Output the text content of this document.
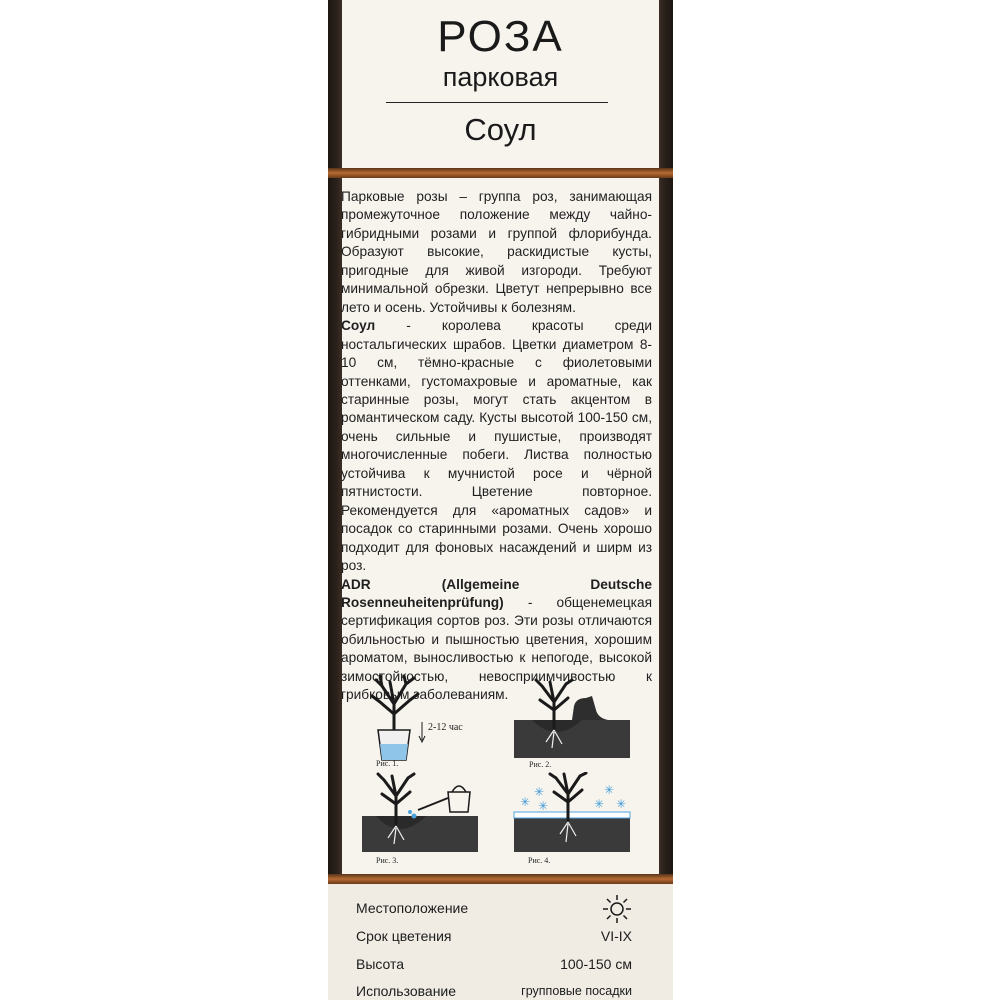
РОЗА
парковая
Соул

Парковые розы – группа роз, занимающая промежуточное положение между чайно-гибридными розами и группой флорибунда. Образуют высокие, раскидистые кусты, пригодные для живой изгороди. Требуют минимальной обрезки. Цветут непрерывно все лето и осень. Устойчивы к болезням.

Соул - королева красоты среди ностальгических шрабов. Цветки диаметром 8-10 см, тёмно-красные с фиолетовыми оттенками, густомахровые и ароматные, как старинные розы, могут стать акцентом в романтическом саду. Кусты высотой 100-150 см, очень сильные и пушистые, производят многочисленные побеги. Листва полностью устойчива к мучнистой росе и чёрной пятнистости. Цветение повторное. Рекомендуется для «ароматных садов» и посадок со старинными розами. Очень хорошо подходит для фоновых насаждений и ширм из роз.

ADR (Allgemeine Deutsche Rosenneuheitenprüfung) - общенемецкая сертификация сортов роз. Эти розы отличаются обильностью и пышностью цветения, хорошим ароматом, выносливостью к непогоде, высокой зимостойкостью, невосприимчивостью к грибковым заболеваниям.

2-12 час
Рис. 1.	Рис. 2.
Рис. 3.
✳
✳
✳	✳
✳
✳
Рис. 4.
Местоположение
Срок цветения	VI-IX
Высота	100-150 см
Использование	групповые посадки
